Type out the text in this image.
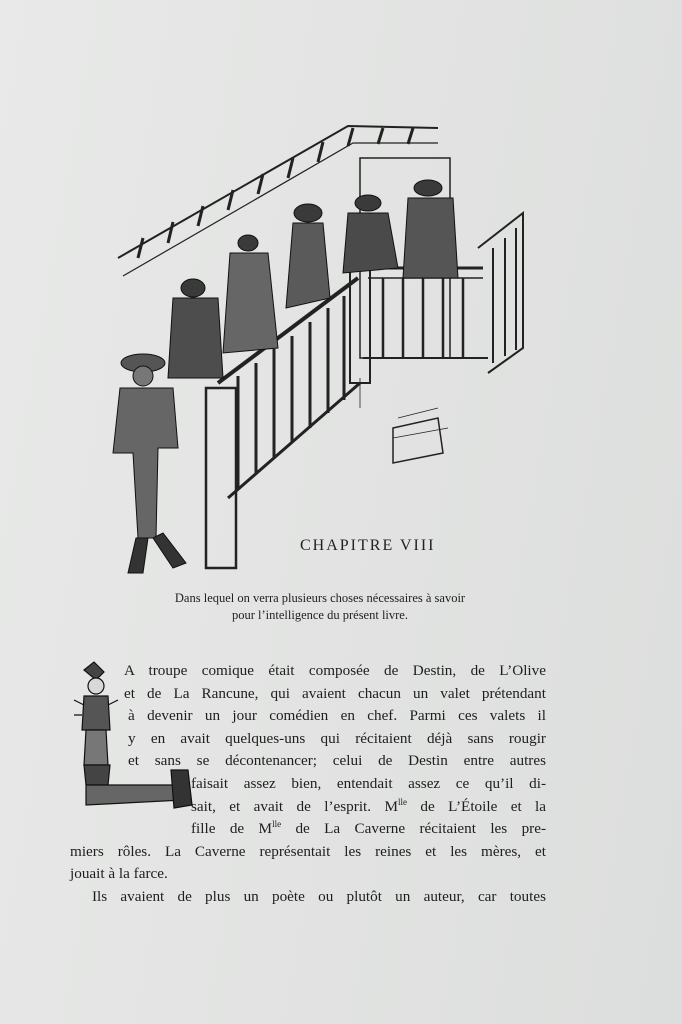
CHAPITRE VIII
Dans lequel on verra plusieurs choses nécessaires à savoir
pour l’intelligence du présent livre.
A troupe comique était composée de Destin, de L’Olive
et de La Rancune, qui avaient chacun un valet prétendant
à devenir un jour comédien en chef. Parmi ces valets il
y en avait quelques-uns qui récitaient déjà sans rougir
et sans se décontenancer; celui de Destin entre autres
faisait assez bien, entendait assez ce qu’il di-
sait, et avait de l’esprit. $M^{lle}$ de L’Étoile et la
fille de $M^{lle}$ de La Caverne récitaient les pre-
miers rôles. La Caverne représentait les reines et les mères, et
jouait à la farce.
Ils avaient de plus un poète ou plutôt un auteur, car toutes
